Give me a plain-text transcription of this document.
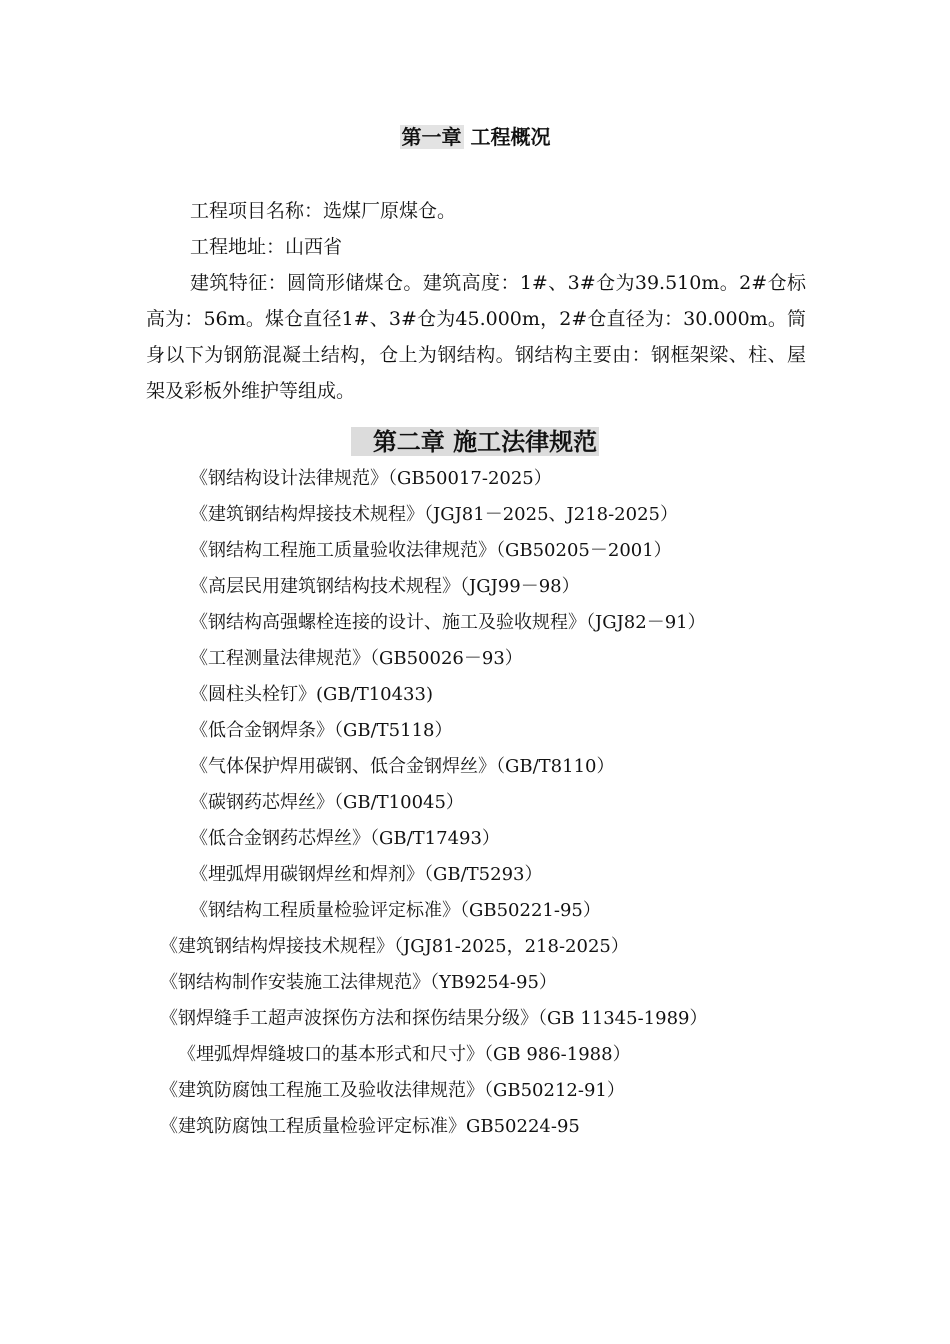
第一章 工程概况

工程项目名称：选煤厂原煤仓。

工程地址：山西省

建筑特征：圆筒形储煤仓。建筑高度：1#、3#仓为39.510m。2#仓标高为：56m。煤仓直径1#、3#仓为45.000m，2#仓直径为：30.000m。筒身以下为钢筋混凝土结构，仓上为钢结构。钢结构主要由：钢框架梁、柱、屋架及彩板外维护等组成。

第二章 施工法律规范

《钢结构设计法律规范》（GB50017-2025）

《建筑钢结构焊接技术规程》（JGJ81－2025、J218-2025）

《钢结构工程施工质量验收法律规范》（GB50205－2001）

《高层民用建筑钢结构技术规程》（JGJ99－98）

《钢结构高强螺栓连接的设计、施工及验收规程》（JGJ82－91）

《工程测量法律规范》（GB50026－93）

《圆柱头栓钉》(GB/T10433)

《低合金钢焊条》（GB/T5118）

《气体保护焊用碳钢、低合金钢焊丝》（GB/T8110）

《碳钢药芯焊丝》（GB/T10045）

《低合金钢药芯焊丝》（GB/T17493）

《埋弧焊用碳钢焊丝和焊剂》（GB/T5293）

《钢结构工程质量检验评定标准》（GB50221-95）

《建筑钢结构焊接技术规程》（JGJ81-2025，218-2025）

《钢结构制作安装施工法律规范》（YB9254-95）

《钢焊缝手工超声波探伤方法和探伤结果分级》（GB 11345-1989）

《埋弧焊焊缝坡口的基本形式和尺寸》（GB 986-1988）

《建筑防腐蚀工程施工及验收法律规范》（GB50212-91）

《建筑防腐蚀工程质量检验评定标准》GB50224-95
